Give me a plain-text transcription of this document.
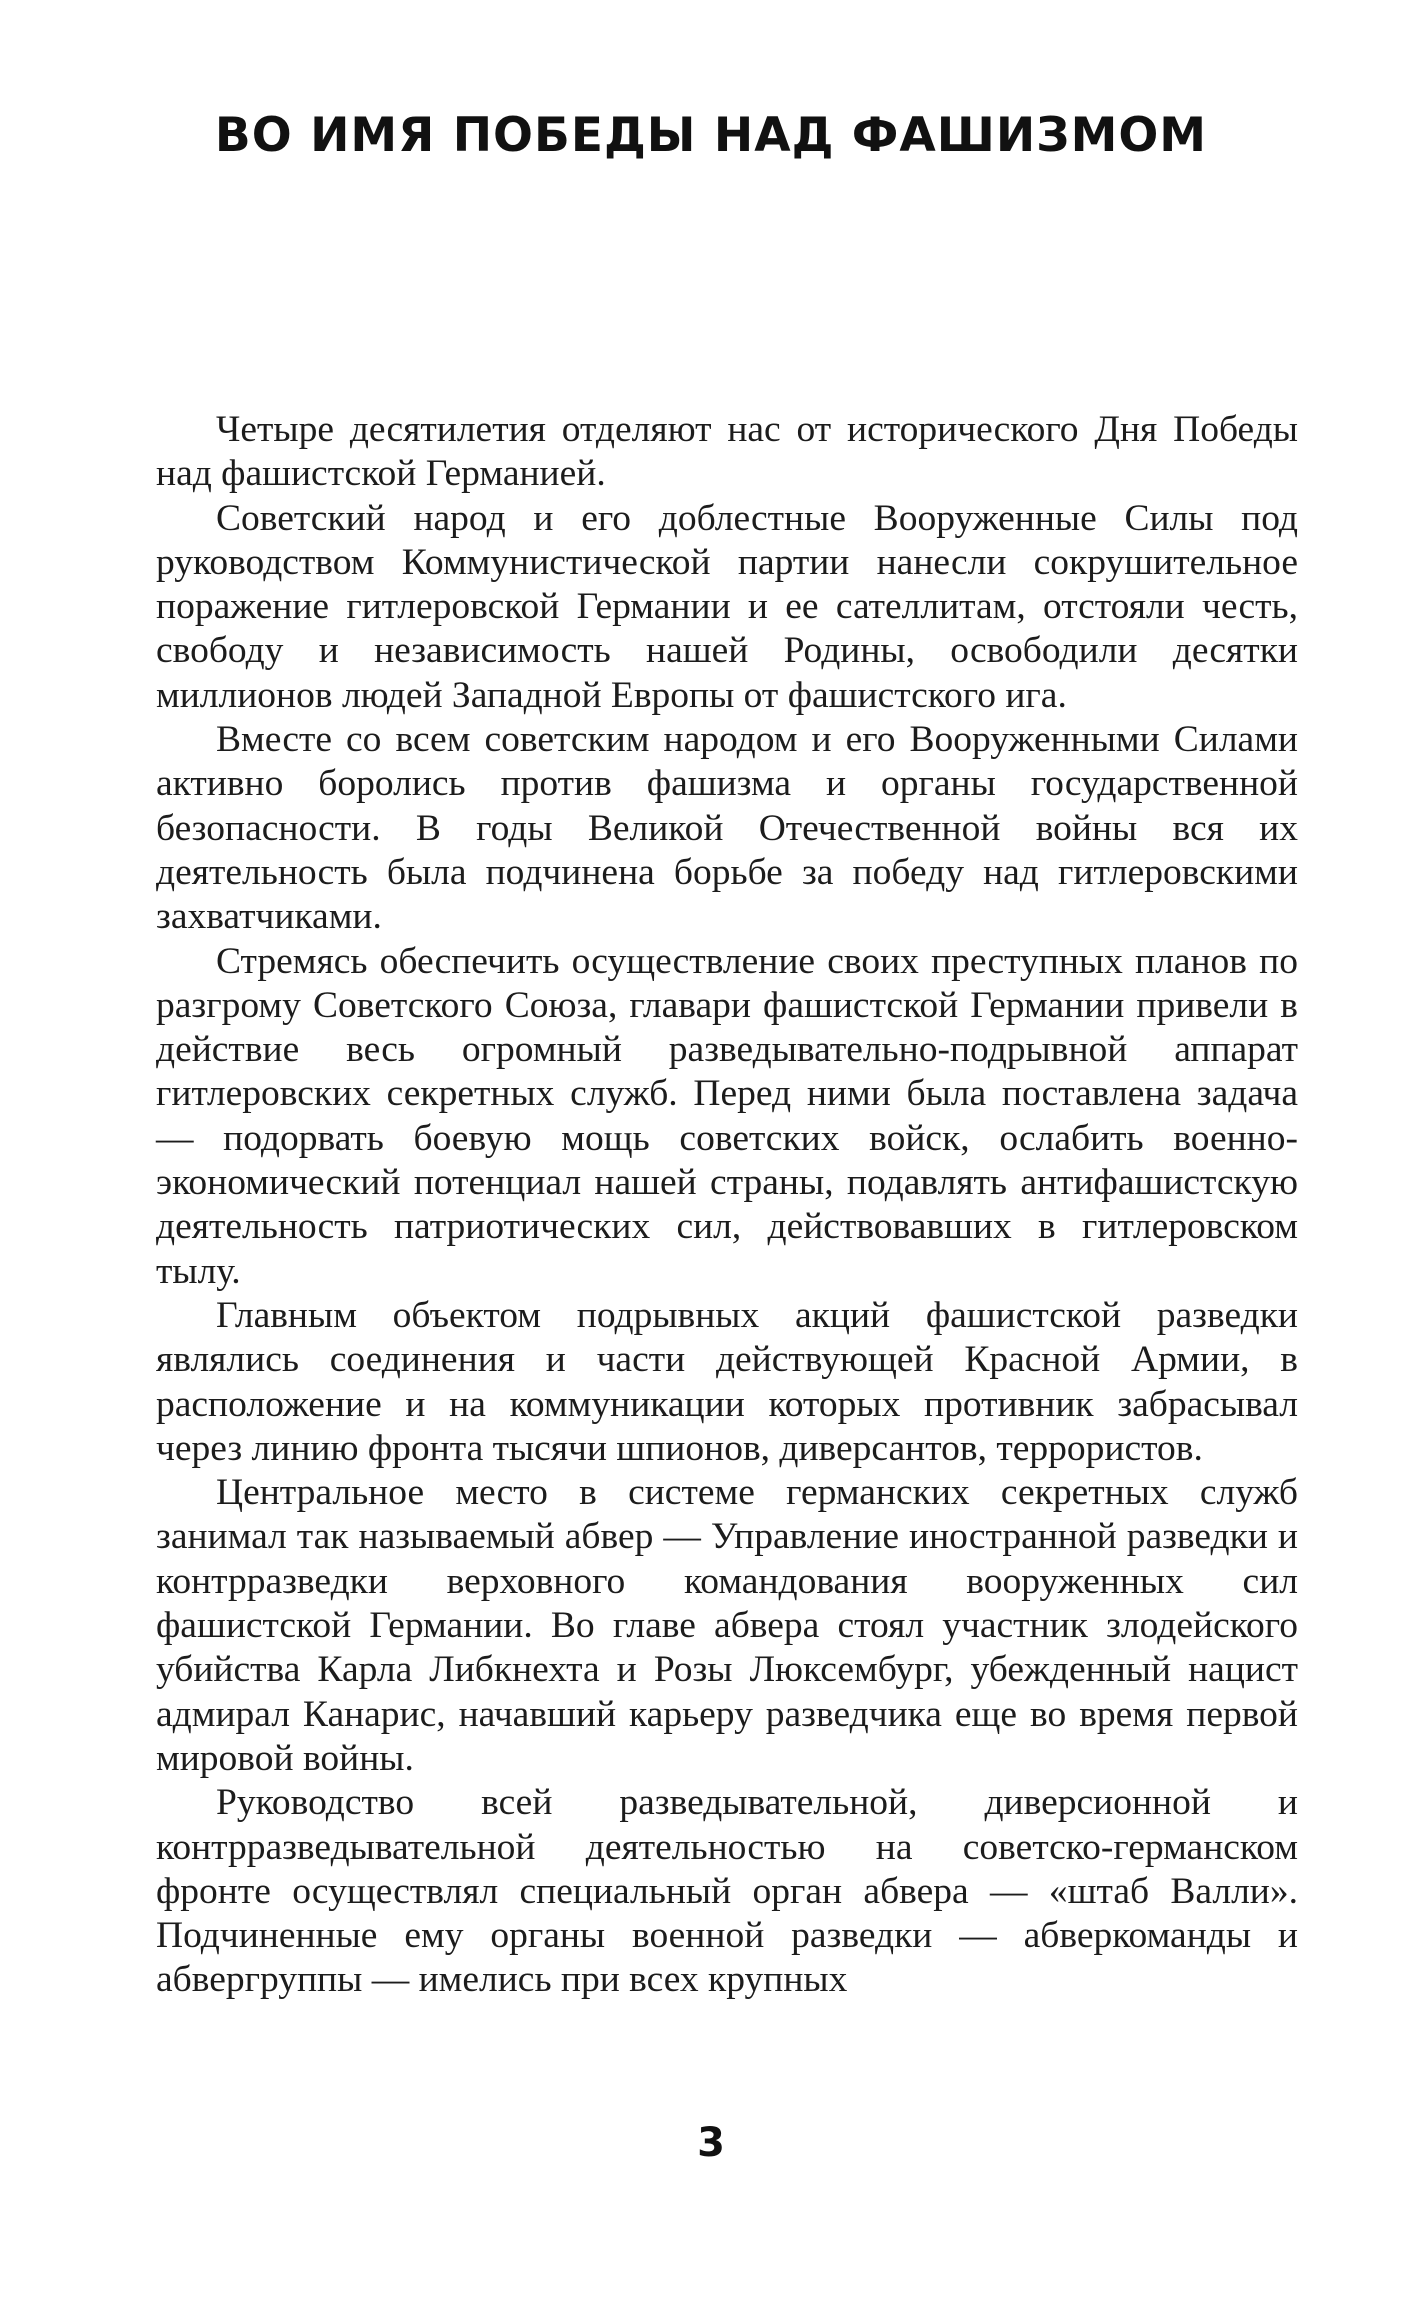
ВО ИМЯ ПОБЕДЫ НАД ФАШИЗМОМ

Четыре десятилетия отделяют нас от исторического Дня Победы над фашистской Германией.

Советский народ и его доблестные Вооруженные Силы под руководством Коммунистической партии нанесли сокрушительное поражение гитлеровской Германии и ее сателлитам, отстояли честь, свободу и независимость нашей Родины, освободили десятки миллионов людей Западной Европы от фашистского ига.

Вместе со всем советским народом и его Вооруженными Силами активно боролись против фашизма и органы государственной безопасности. В годы Великой Отечественной войны вся их деятельность была подчинена борьбе за победу над гитлеровскими захватчиками.

Стремясь обеспечить осуществление своих преступных планов по разгрому Советского Союза, главари фашистской Германии привели в действие весь огромный разведывательно-подрывной аппарат гитлеровских секретных служб. Перед ними была поставлена задача — подорвать боевую мощь советских войск, ослабить военно-экономический потенциал нашей страны, подавлять антифашистскую деятельность патриотических сил, действовавших в гитлеровском тылу.

Главным объектом подрывных акций фашистской разведки являлись соединения и части действующей Красной Армии, в расположение и на коммуникации которых противник забрасывал через линию фронта тысячи шпионов, диверсантов, террористов.

Центральное место в системе германских секретных служб занимал так называемый абвер — Управление иностранной разведки и контрразведки верховного командования вооруженных сил фашистской Германии. Во главе абвера стоял участник злодейского убийства Карла Либкнехта и Розы Люксембург, убежденный нацист адмирал Канарис, начавший карьеру разведчика еще во время первой мировой войны.

Руководство всей разведывательной, диверсионной и контрразведывательной деятельностью на советско-германском фронте осуществлял специальный орган абвера — «штаб Валли». Подчиненные ему органы военной разведки — абверкоманды и абвергруппы — имелись при всех крупных

3
